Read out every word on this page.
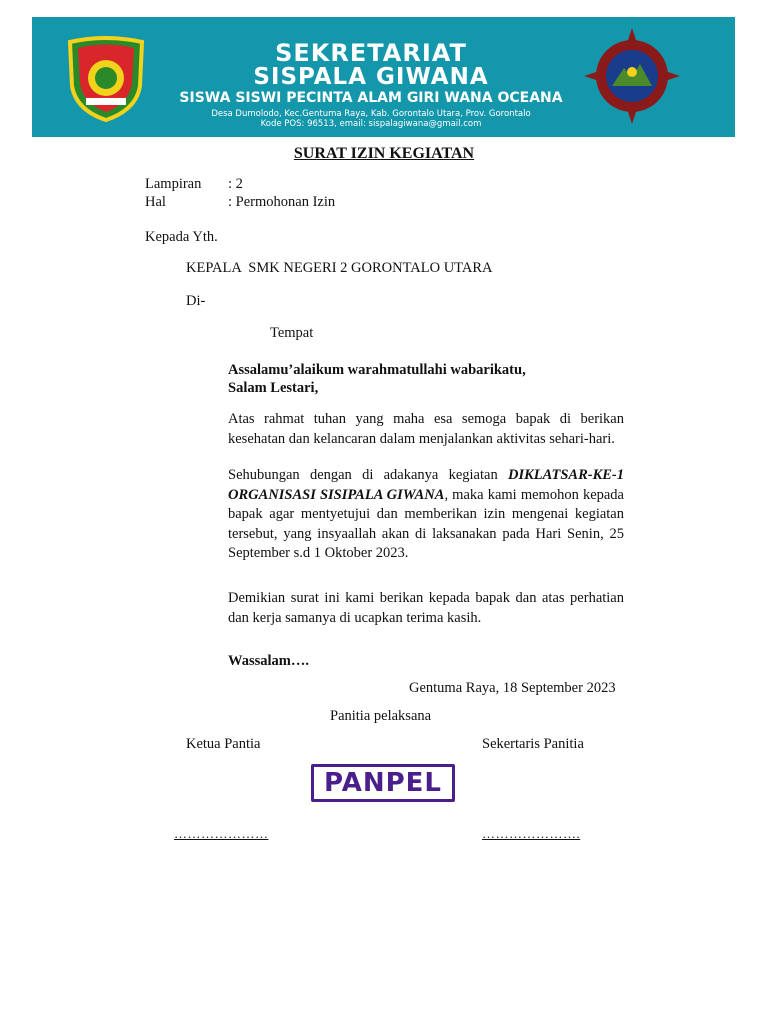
SEKRETARIAT
SISPALA GIWANA
SISWA SISWI PECINTA ALAM GIRI WANA OCEANA
Desa Dumolodo, Kec.Gentuma Raya, Kab. Gorontalo Utara, Prov. Gorontalo
Kode POS: 96513, email: sispalagiwana@gmail.com
SURAT IZIN KEGIATAN
Lampiran : 2
Hal	: Permohonan Izin
Kepada Yth.
KEPALA  SMK NEGERI 2 GORONTALO UTARA
Di-
Tempat
Assalamu’alaikum warahmatullahi wabarikatu,
Salam Lestari,

Atas rahmat tuhan yang maha esa semoga bapak di berikan kesehatan dan kelancaran dalam menjalankan aktivitas sehari-hari.

Sehubungan dengan di adakanya kegiatan DIKLATSAR-KE-1 ORGANISASI SISIPALA GIWANA, maka kami memohon kepada bapak agar mentyetujui dan memberikan izin mengenai kegiatan tersebut, yang insyaallah akan di laksanakan pada Hari Senin, 25 September s.d 1 Oktober 2023.

Demikian surat ini kami berikan kepada bapak dan atas perhatian dan kerja samanya di ucapkan terima kasih.

Wassalam….
Gentuma Raya, 18 September 2023
Panitia pelaksana
Ketua Pantia	Sekertaris Panitia
PANPEL
…………………	………………….
